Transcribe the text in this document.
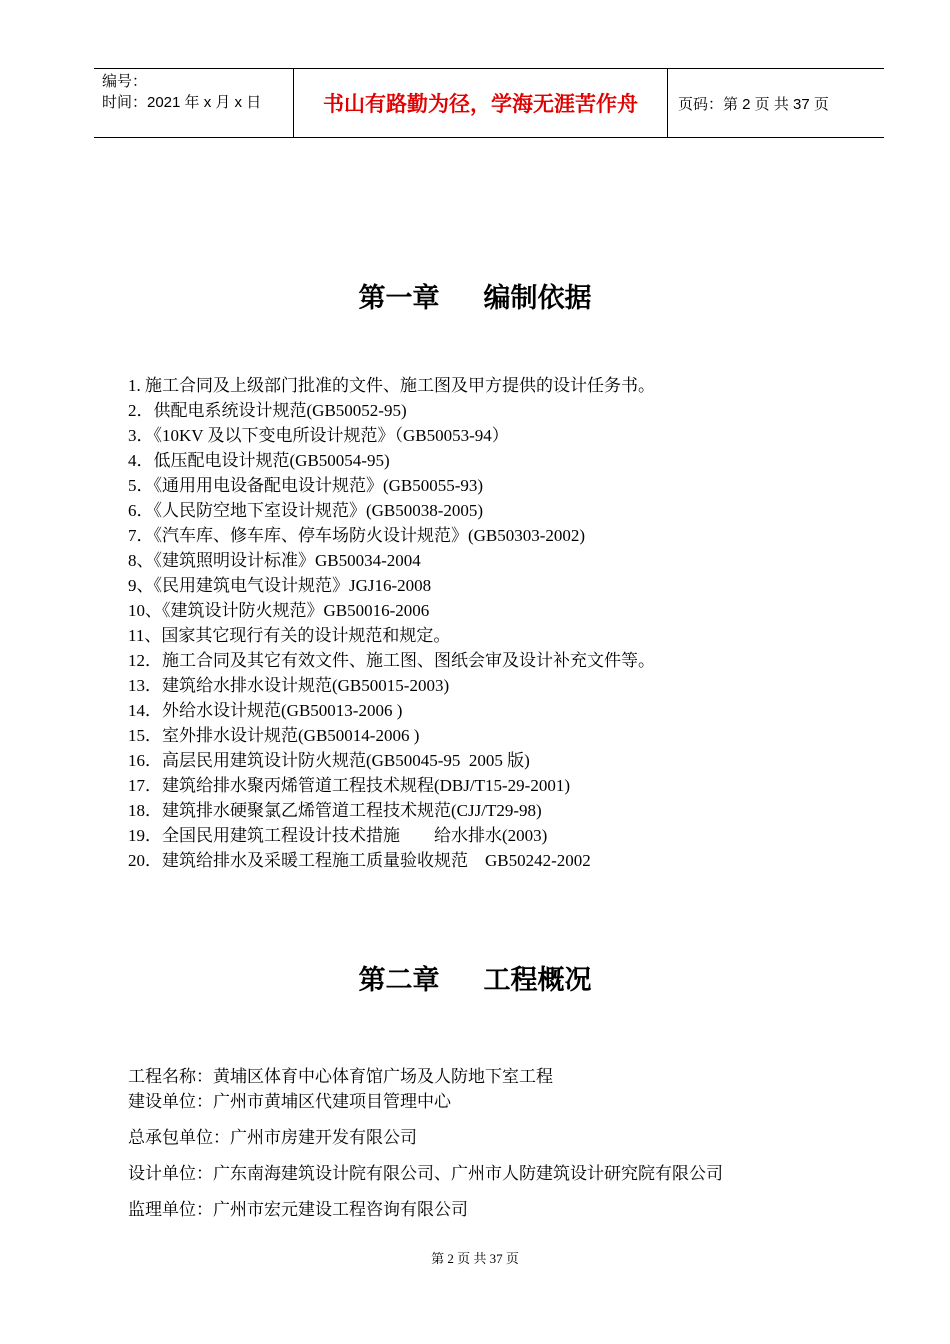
编号：
时间：2021 年 x 月 x 日	书山有路勤为径，学海无涯苦作舟	页码：第 2 页 共 37 页
第一章 编制依据
1. 施工合同及上级部门批准的文件、施工图及甲方提供的设计任务书。
2．供配电系统设计规范(GB50052-95)
3．《10KV 及以下变电所设计规范》（GB50053-94）
4．低压配电设计规范(GB50054-95)
5．《通用用电设备配电设计规范》(GB50055-93)
6．《人民防空地下室设计规范》(GB50038-2005)
7．《汽车库、修车库、停车场防火设计规范》(GB50303-2002)
8、《建筑照明设计标准》GB50034-2004
9、《民用建筑电气设计规范》JGJ16-2008
10、《建筑设计防火规范》GB50016-2006
11、国家其它现行有关的设计规范和规定。
12．施工合同及其它有效文件、施工图、图纸会审及设计补充文件等。
13．建筑给水排水设计规范(GB50015-2003)
14．外给水设计规范(GB50013-2006 )
15．室外排水设计规范(GB50014-2006 )
16．高层民用建筑设计防火规范(GB50045-95  2005 版)
17．建筑给排水聚丙烯管道工程技术规程(DBJ/T15-29-2001)
18．建筑排水硬聚氯乙烯管道工程技术规范(CJJ/T29-98)
19．全国民用建筑工程设计技术措施        给水排水(2003)
20．建筑给排水及采暖工程施工质量验收规范    GB50242-2002
第二章 工程概况
工程名称：黄埔区体育中心体育馆广场及人防地下室工程
建设单位：广州市黄埔区代建项目管理中心
总承包单位：广州市房建开发有限公司
设计单位：广东南海建筑设计院有限公司、广州市人防建筑设计研究院有限公司
监理单位：广州市宏元建设工程咨询有限公司
第 2 页 共 37 页
